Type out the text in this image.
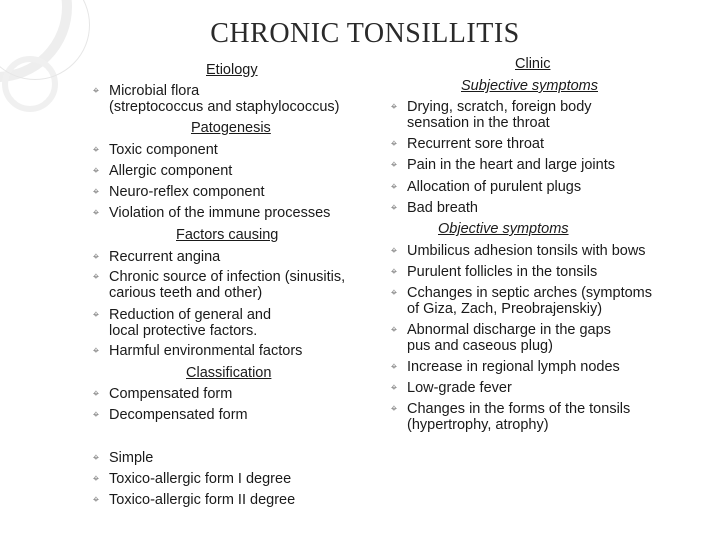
CHRONIC TONSILLITIS
Etiology
⌖ Microbial flora
(streptococcus and staphylococcus)
Patogenesis
⌖ Toxic component
⌖ Allergic component
⌖ Neuro-reflex component
⌖ Violation of the immune processes
Factors causing
⌖ Recurrent angina
⌖ Chronic source of infection (sinusitis,
carious teeth and other)
⌖ Reduction of general and
local protective factors.
⌖ Harmful environmental factors
Classification
⌖ Compensated form
⌖ Decompensated form
⌖ Simple
⌖ Toxico-allergic form I degree
⌖ Toxico-allergic form II degree
Clinic
Subjective symptoms
⌖ Drying, scratch, foreign body
sensation in the throat
⌖ Recurrent sore throat
⌖ Pain in the heart and large joints
⌖ Allocation of purulent plugs
⌖ Bad breath
Objective symptoms
⌖ Umbilicus adhesion tonsils with bows
⌖ Purulent follicles in the tonsils
⌖ Cchanges in septic arches (symptoms
of Giza, Zach, Preobrajenskiy)
⌖ Abnormal discharge in the gaps
pus and caseous plug)
⌖ Increase in regional lymph nodes
⌖ Low-grade fever
⌖ Changes in the forms of the tonsils
(hypertrophy, atrophy)
